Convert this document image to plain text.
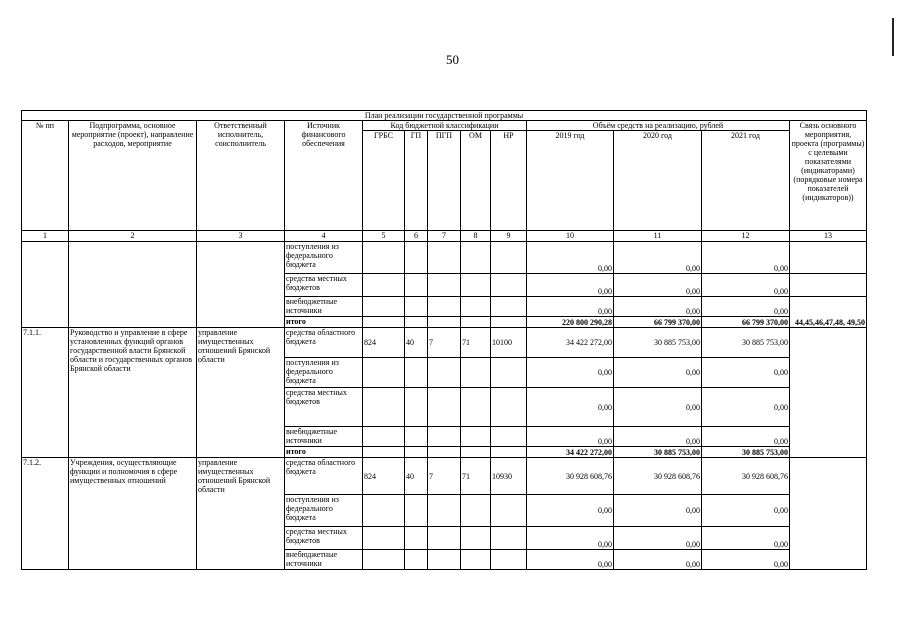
50
План реализации государственной программы												
№ пп	Подпрограмма, основное мероприятие (проект), направление расходов, мероприятие	Ответственный исполнитель, соисполнитель	Источник финансового обеспечения	Код бюджетной классификации					Объём средств на реализацию, рублей			Связь основного мероприятия, проекта (программы) с целевыми показателями (индикаторами) (порядковые номера показателей (индикаторов))
				ГРБС	ГП	ПГП	ОМ	НР	2019 год	2020 год	2021 год	
1	2	3	4	5	6	7	8	9	10	11	12	13
			поступления из федерального бюджета						0,00	0,00	0,00	
			средства местных бюджетов						0,00	0,00	0,00	
			внебюджетные источники						0,00	0,00	0,00	44,45,46,47,48, 49,50
			итого						220 800 290,28	66 799 370,00	66 799 370,00	
7.1.1.	Руководство и управление в сфере установленных функций органов государственной власти Брянской области и государственных органов Брянской области	управление имущественных отношений Брянской области	средства областного бюджета	824	40	7	71	10100	34 422 272,00	30 885 753,00	30 885 753,00	
			поступления из федерального бюджета						0,00	0,00	0,00	
			средства местных бюджетов						0,00	0,00	0,00	
			внебюджетные источники						0,00	0,00	0,00	
			итого						34 422 272,00	30 885 753,00	30 885 753,00	
7.1.2.	Учреждения, осуществляющие функции и полномочия в сфере имущественных отношений	управление имущественных отношений Брянской области	средства областного бюджета	824	40	7	71	10930	30 928 608,76	30 928 608,76	30 928 608,76	
			поступления из федерального бюджета						0,00	0,00	0,00	
			средства местных бюджетов						0,00	0,00	0,00	
			внебюджетные источники						0,00	0,00	0,00	
